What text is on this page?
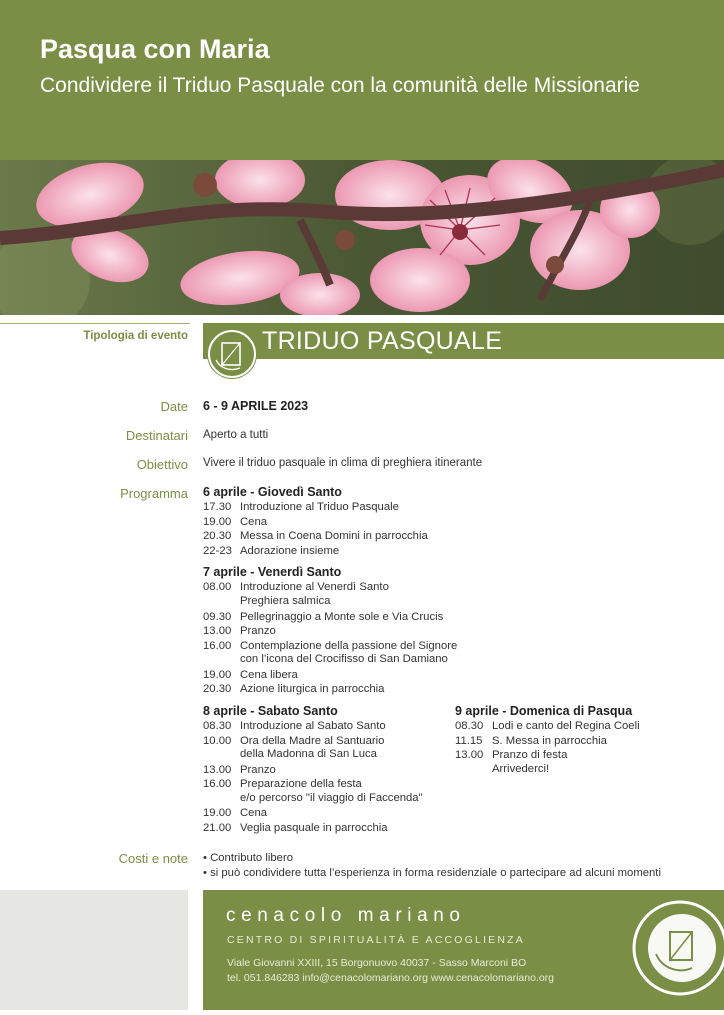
Pasqua con Maria
Condividere il Triduo Pasquale con la comunità delle Missionarie
Tipologia di evento	TRIDUO PASQUALE
Date 6 - 9 APRILE 2023
Destinatari Aperto a tutti
Obiettivo Vivere il triduo pasquale in clima di preghiera itinerante
Programma 6 aprile - Giovedì Santo
17.30 Introduzione al Triduo Pasquale
19.00 Cena
20.30 Messa in Coena Domini in parrocchia
22-23 Adorazione insieme
7 aprile - Venerdì Santo
08.00 Introduzione al Venerdì Santo
Preghiera salmica
09.30 Pellegrinaggio a Monte sole e Via Crucis
13.00 Pranzo
16.00 Contemplazione della passione del Signore
con l’icona del Crocifisso di San Damiano
19.00 Cena libera
20.30 Azione liturgica in parrocchia
8 aprile - Sabato Santo
08.30 Introduzione al Sabato Santo
10.00 Ora della Madre al Santuario
della Madonna di San Luca
13.00 Pranzo
16.00 Preparazione della festa
e/o percorso "il viaggio di Faccenda"
19.00 Cena
21.00 Veglia pasquale in parrocchia
9 aprile - Domenica di Pasqua
08.30 Lodi e canto del Regina Coeli
11.15 S. Messa in parrocchia
13.00 Pranzo di festa
Arrivederci!
Costi e note • Contributo libero
• si può condividere tutta l’esperienza in forma residenziale o partecipare ad alcuni momenti
cenacolo mariano
CENTRO DI SPIRITUALITÀ E ACCOGLIENZA
Viale Giovanni XXIII, 15 Borgonuovo 40037 - Sasso Marconi BO
tel. 051.846283 info@cenacolomariano.org www.cenacolomariano.org
